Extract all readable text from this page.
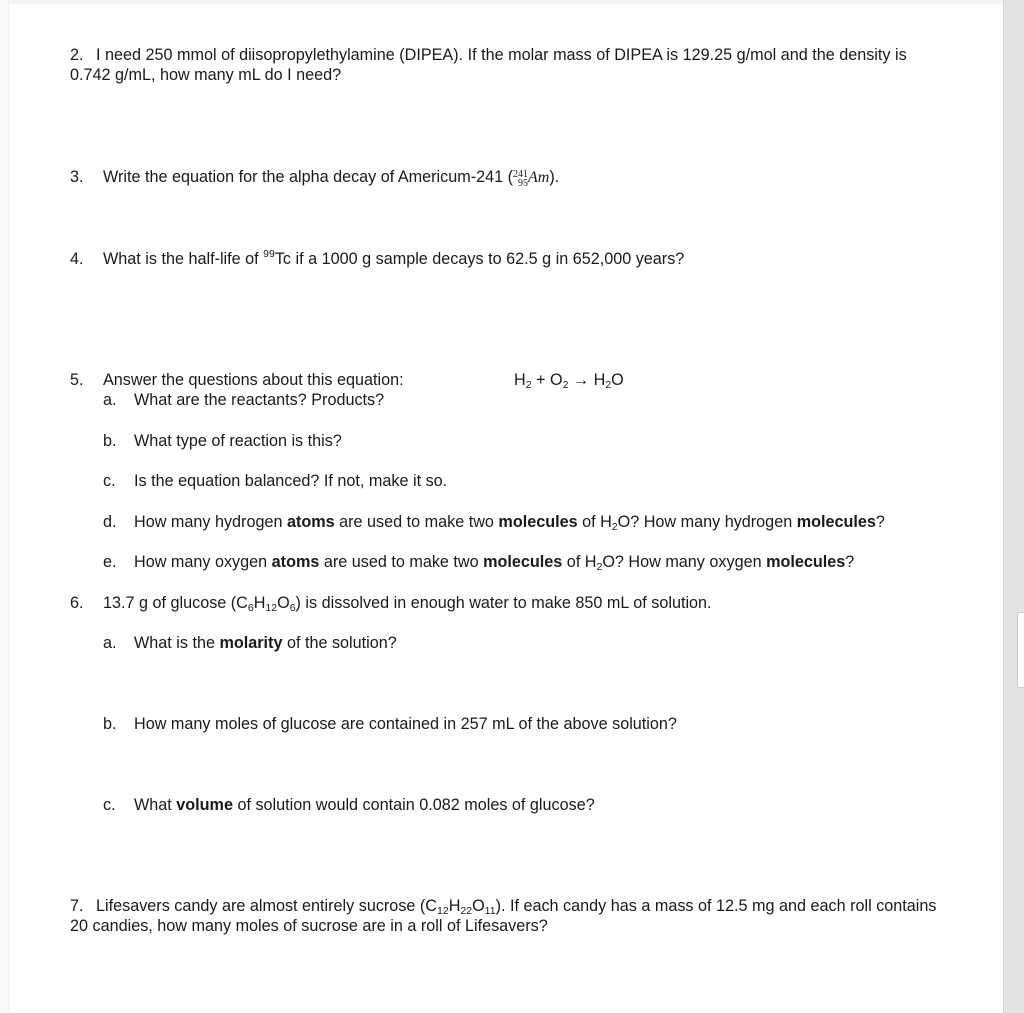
2. I need 250 mmol of diisopropylethylamine (DIPEA). If the molar mass of DIPEA is 129.25 g/mol and the density is
0.742 g/mL, how many mL do I need?
3. Write the equation for the alpha decay of Americum-241 ( 241
95 Am).
4. What is the half-life of $^{99}$Tc if a 1000 g sample decays to 62.5 g in 652,000 years?
5. Answer the questions about this equation:	$H_2 + O_2 \to H_2O$
a. What are the reactants? Products?
b. What type of reaction is this?
c. Is the equation balanced? If not, make it so.
d. How many hydrogen atoms are used to make two molecules of $H_2O$? How many hydrogen molecules?
e. How many oxygen atoms are used to make two molecules of $H_2O$? How many oxygen molecules?
6. 13.7 g of glucose $(C_6H_{12}O_6)$ is dissolved in enough water to make 850 mL of solution.
a. What is the molarity of the solution?
b. How many moles of glucose are contained in 257 mL of the above solution?
c. What volume of solution would contain 0.082 moles of glucose?
7. Lifesavers candy are almost entirely sucrose $(C_{12}H_{22}O_{11})$. If each candy has a mass of 12.5 mg and each roll contains
20 candies, how many moles of sucrose are in a roll of Lifesavers?
